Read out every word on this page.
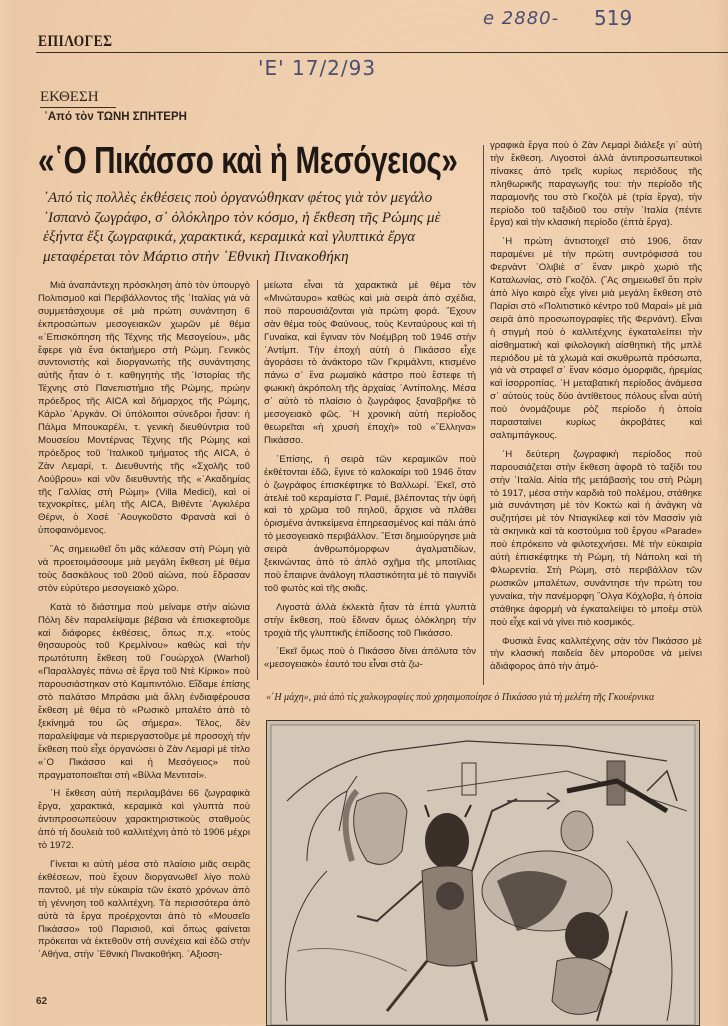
e 2880- 519
'Ε' 17/2/93
ΕΠΙΛΟΓΕΣ
ΕΚΘΕΣΗ
᾿Από τὸν ΤΩΝΗ ΣΠΗΤΕΡΗ
«῾Ο Πικάσσο καὶ ἡ Μεσόγειος»
᾿Από τὶς πολλὲς ἐκθέσεις ποὺ ὀργανώθηκαν φέτος γιὰ τὸν μεγάλο ᾿Ισπανὸ ζωγράφο, σ᾿ ὁλόκληρο τὸν κόσμο, ἡ ἔκθεση τῆς Ρώμης μὲ ἑξήντα ἕξι ζωγραφικά, χαρακτικά, κεραμικὰ καὶ γλυπτικὰ ἔργα μεταφέρεται τὸν Μάρτιο στὴν ᾿Εθνικὴ Πινακοθήκη

Μιὰ ἀναπάντεχη πρόσκληση ἀπὸ τὸν ὑπουργὸ Πολιτισμοῦ καὶ Περιβάλλοντος τῆς ᾿Ιταλίας γιὰ νὰ συμμετάσχουμε σὲ μιὰ πρώτη συνάντηση 6 ἐκπροσώπων μεσογειακῶν χωρῶν μὲ θέμα «᾿Επισκόπηση τῆς Τέχνης τῆς Μεσογείου», μᾶς ἔφερε γιὰ ἕνα ὀκταήμερο στὴ Ρώμη. Γενικὸς συντονιστὴς καὶ διοργανωτὴς τῆς συνάντησης αὐτῆς ἦταν ὁ τ. καθηγητὴς τῆς ῾Ιστορίας τῆς Τέχνης στὸ Πανεπιστήμιο τῆς Ρώμης, πρώην πρόεδρος τῆς AICA καὶ δήμαρχος τῆς Ρώμης, Κάρλο ᾿Αργκάν. Οἱ ὑπόλοιποι σύνεδροι ἦσαν: ἡ Πάλμα Μπουκαρέλι, τ. γενικὴ διευθύντρια τοῦ Μουσείου Μοντέρνας Τέχνης τῆς Ρώμης καὶ πρόεδρος τοῦ ᾿Ιταλικοῦ τμήματος τῆς AICA, ὁ Ζὰν Λεμαρί, τ. Διευθυντὴς τῆς «Σχολῆς τοῦ Λούβρου» καὶ νῦν διευθυντὴς τῆς «᾿Ακαδημίας τῆς Γαλλίας στὴ Ρώμη» (Villa Medici), καὶ οἱ τεχνοκρίτες, μέλη τῆς AICA, Βιθέντε ᾿Αγκιλέρα Θέρνι, ὁ Χοσὲ ᾿Αουγκοῦστο Φρανσὰ καὶ ὁ ὑποφαινόμενος.

῞Ας σημειωθεῖ ὅτι μᾶς κάλεσαν στὴ Ρώμη γιὰ νὰ προετοιμάσουμε μιὰ μεγάλη ἔκθεση μὲ θέμα τοὺς δασκάλους τοῦ 20οῦ αἰώνα, ποὺ ἔδρασαν στὸν εὐρύτερο μεσογειακὸ χῶρο.

Κατὰ τὸ διάστημα ποὺ μείναμε στὴν αἰώνια Πόλη δὲν παραλείψαμε βέβαια νὰ ἐπισκεφτοῦμε καὶ διάφορες ἐκθέσεις, ὅπως π.χ. «τοὺς θησαυροὺς τοῦ Κρεμλίνου» καθὼς καὶ τὴν πρωτότυπη ἔκθεση τοῦ Γουώρχολ (Warhol) «Παραλλαγὲς πάνω σὲ ἔργα τοῦ Ντὲ Κίρικο» ποὺ παρουσιάστηκαν στὸ Καμπιντόλιο. Εἴδαμε ἐπίσης στὸ παλάτσο Μπράσκι μιὰ ἄλλη ἐνδιαφέρουσα ἔκθεση μὲ θέμα τὸ «Ρωσικὸ μπαλέτο ἀπὸ τὸ ξεκίνημά του ὣς σήμερα». Τέλος, δὲν παραλείψαμε νὰ περιεργαστοῦμε μὲ προσοχὴ τὴν ἔκθεση ποὺ εἶχε ὀργανώσει ὁ Ζὰν Λεμαρὶ μὲ τίτλο «῾Ο Πικάσσο καὶ ἡ Μεσόγειος» ποὺ πραγματοποιεῖται στὴ «Βίλλα Μεντιτσί».

῾Η ἔκθεση αὐτὴ περιλαμβάνει 66 ζωγραφικὰ ἔργα, χαρακτικά, κεραμικὰ καὶ γλυπτὰ ποὺ ἀντιπροσωπεύουν χαρακτηριστικοὺς σταθμοὺς ἀπὸ τὴ δουλειὰ τοῦ καλλιτέχνη ἀπὸ τὸ 1906 μέχρι τὸ 1972.

Γίνεται κι αὐτὴ μέσα στὸ πλαίσιο μιᾶς σειρᾶς ἐκθέσεων, ποὺ ἔχουν διοργανωθεῖ λίγο πολὺ παντοῦ, μὲ τὴν εὐκαιρία τῶν ἑκατὸ χρόνων ἀπὸ τὴ γέννηση τοῦ καλλιτέχνη. Τὰ περισσότερα ἀπὸ αὐτὰ τὰ ἔργα προέρχονται ἀπὸ τὸ «Μουσεῖο Πικάσσο» τοῦ Παρισιοῦ, καὶ ὅπως φαίνεται πρόκειται νὰ ἐκτεθοῦν στὴ συνέχεια καὶ ἐδῶ στὴν ᾿Αθήνα, στὴν ᾿Εθνικὴ Πινακοθήκη. ᾿Αξιοση-

μείωτα εἶναι τὰ χαρακτικὰ μὲ θέμα τὸν «Μινώταυρο» καθὼς καὶ μιὰ σειρὰ ἀπὸ σχέδια, ποὺ παρουσιάζονται γιὰ πρώτη φορά. ῎Εχουν σὰν θέμα τοὺς Φαύνους, τοὺς Κενταύρους καὶ τὴ Γυναίκα, καὶ ἔγιναν τὸν Νοέμβρη τοῦ 1946 στὴν ᾿Αντίμπ. Τὴν ἐποχὴ αὐτὴ ὁ Πικάσσο εἶχε ἀγοράσει τὸ ἀνάκτορο τῶν Γκριμάλντι, κτισμένο πάνω σ᾿ ἕνα ρωμαϊκὸ κάστρο ποὺ ἔστεφε τὴ φωκικὴ ἀκρόπολη τῆς ἀρχαίας ᾿Αντίπολης. Μέσα σ᾿ αὐτὸ τὸ πλαίσιο ὁ ζωγράφος ξαναβρῆκε τὸ μεσογειακὸ φῶς. ῾Η χρονικὴ αὐτὴ περίοδος θεωρεῖται «ἡ χρυσὴ ἐποχὴ» τοῦ «῞Ελληνα» Πικάσσο.

᾿Επίσης, ἡ σειρὰ τῶν κεραμικῶν ποὺ ἐκθέτονται ἐδῶ, ἔγινε τὸ καλοκαίρι τοῦ 1946 ὅταν ὁ ζωγράφος ἐπισκέφτηκε τὸ Βαλλωρί. ᾿Εκεῖ, στὸ ἀτελιὲ τοῦ κεραμίστα Γ. Ραμιέ, βλέποντας τὴν ὑφὴ καὶ τὸ χρῶμα τοῦ πηλοῦ, ἄρχισε νὰ πλάθει ὁρισμένα ἀντικείμενα ἐπηρεασμένος καὶ πάλι ἀπὸ τὸ μεσογειακὸ περιβάλλον. ῎Ετσι δημιούργησε μιὰ σειρὰ ἀνθρωπόμορφων ἀγαλματιδίων, ξεκινώντας ἀπὸ τὸ ἁπλὸ σχῆμα τῆς μποτίλιας ποὺ ἔπαιρνε ἀνάλογη πλαστικότητα μὲ τὸ παιγνίδι τοῦ φωτὸς καὶ τῆς σκιᾶς.

Λιγοστὰ ἀλλὰ ἐκλεκτὰ ἦταν τὰ ἑπτὰ γλυπτὰ στὴν ἔκθεση, ποὺ ἔδιναν ὅμως ὁλόκληρη τὴν τροχιὰ τῆς γλυπτικῆς ἐπίδοσης τοῦ Πικάσσο.

᾿Εκεῖ ὅμως ποὺ ὁ Πικάσσο δίνει ἀπόλυτα τὸν «μεσογειακὸ» ἑαυτό του εἶναι στὰ ζω-

γραφικὰ ἔργα ποὺ ὁ Ζὰν Λεμαρὶ διάλεξε γι᾿ αὐτὴ τὴν ἔκθεση. Λιγοστοὶ ἀλλὰ ἀντιπροσωπευτικοὶ πίνακες ἀπὸ τρεῖς κυρίως περιόδους τῆς πληθωρικῆς παραγωγῆς του: τὴν περίοδο τῆς παραμονῆς του στὸ Γκοζὸλ μὲ (τρία ἔργα), τὴν περίοδο τοῦ ταξιδιοῦ του στὴν ᾿Ιταλία (πέντε ἔργα) καὶ τὴν κλασικὴ περίοδο (ἑπτὰ ἔργα).

῾Η πρώτη ἀντιστοιχεῖ στὸ 1906, ὅταν παραμένει μὲ τὴν πρώτη συντρόφισσά του Φερνὰντ ᾿Ολιβιὲ σ᾿ ἕναν μικρὸ χωριὸ τῆς Καταλωνίας, στὸ Γκοζόλ. (῞Ας σημειωθεῖ ὅτι πρὶν ἀπὸ λίγο καιρὸ εἶχε γίνει μιὰ μεγάλη ἔκθεση στὸ Παρίσι στὸ «Πολιτιστικὸ κέντρο τοῦ Μαραί» μὲ μιὰ σειρὰ ἀπὸ προσωπογραφίες τῆς Φερνάντ). Εἶναι ἡ στιγμὴ ποὺ ὁ καλλιτέχνης ἐγκαταλείπει τὴν αἰσθηματικὴ καὶ φιλολογικὴ αἰσθητικὴ τῆς μπλὲ περιόδου μὲ τὰ χλωμὰ καὶ σκυθρωπὰ πρόσωπα, γιὰ νὰ στραφεῖ σ᾿ ἕναν κόσμο ὁμορφιᾶς, ἠρεμίας καὶ ἰσορροπίας. ῾Η μεταβατικὴ περίοδος ἀνάμεσα σ᾿ αὐτοὺς τοὺς δύο ἀντίθετους πόλους εἶναι αὐτὴ ποὺ ὀνομάζουμε ρὸζ περίοδο ἡ ὁποία παρασταίνει κυρίως ἀκροβάτες καὶ σαλτιμπάγκους.

῾Η δεύτερη ζωγραφικὴ περίοδος ποὺ παρουσιάζεται στὴν ἔκθεση ἀφορᾶ τὸ ταξίδι του στὴν ᾿Ιταλία. Αἰτία τῆς μετάβασής του στὴ Ρώμη τὸ 1917, μέσα στὴν καρδιὰ τοῦ πολέμου, στάθηκε μιὰ συνάντηση μὲ τὸν Κοκτὼ καὶ ἡ ἀνάγκη νὰ συζητήσει μὲ τὸν Ντιαγκίλεφ καὶ τὸν Μασσὶν γιὰ τὰ σκηνικὰ καὶ τὰ κοστούμια τοῦ ἔργου «Parade» ποὺ ἐπρόκειτο νὰ φιλοτεχνήσει. Μὲ τὴν εὐκαιρία αὐτὴ ἐπισκέφτηκε τὴ Ρώμη, τὴ Νάπολη καὶ τὴ Φλωρεντία. Στὴ Ρώμη, στὸ περιβάλλον τῶν ρωσικῶν μπαλέτων, συνάντησε τὴν πρώτη του γυναίκα, τὴν πανέμορφη ῎Ολγα Κόχλοβα, ἡ ὁποία στάθηκε ἀφορμὴ νὰ ἐγκαταλείψει τὸ μποὲμ στὺλ ποὺ εἶχε καὶ νὰ γίνει πιὸ κοσμικός.

Φυσικὰ ἕνας καλλιτέχνης σὰν τὸν Πικάσσο μὲ τὴν κλασικὴ παιδεία δὲν μποροῦσε νὰ μείνει ἀδιάφορος ἀπὸ τὴν ἀτμό-

«῾Η μάχη», μιὰ ἀπὸ τὶς χαλκογραφίες ποὺ χρησιμοποίησε ὁ Πικάσσο γιὰ τὴ μελέτη τῆς Γκουέρνικα
62
